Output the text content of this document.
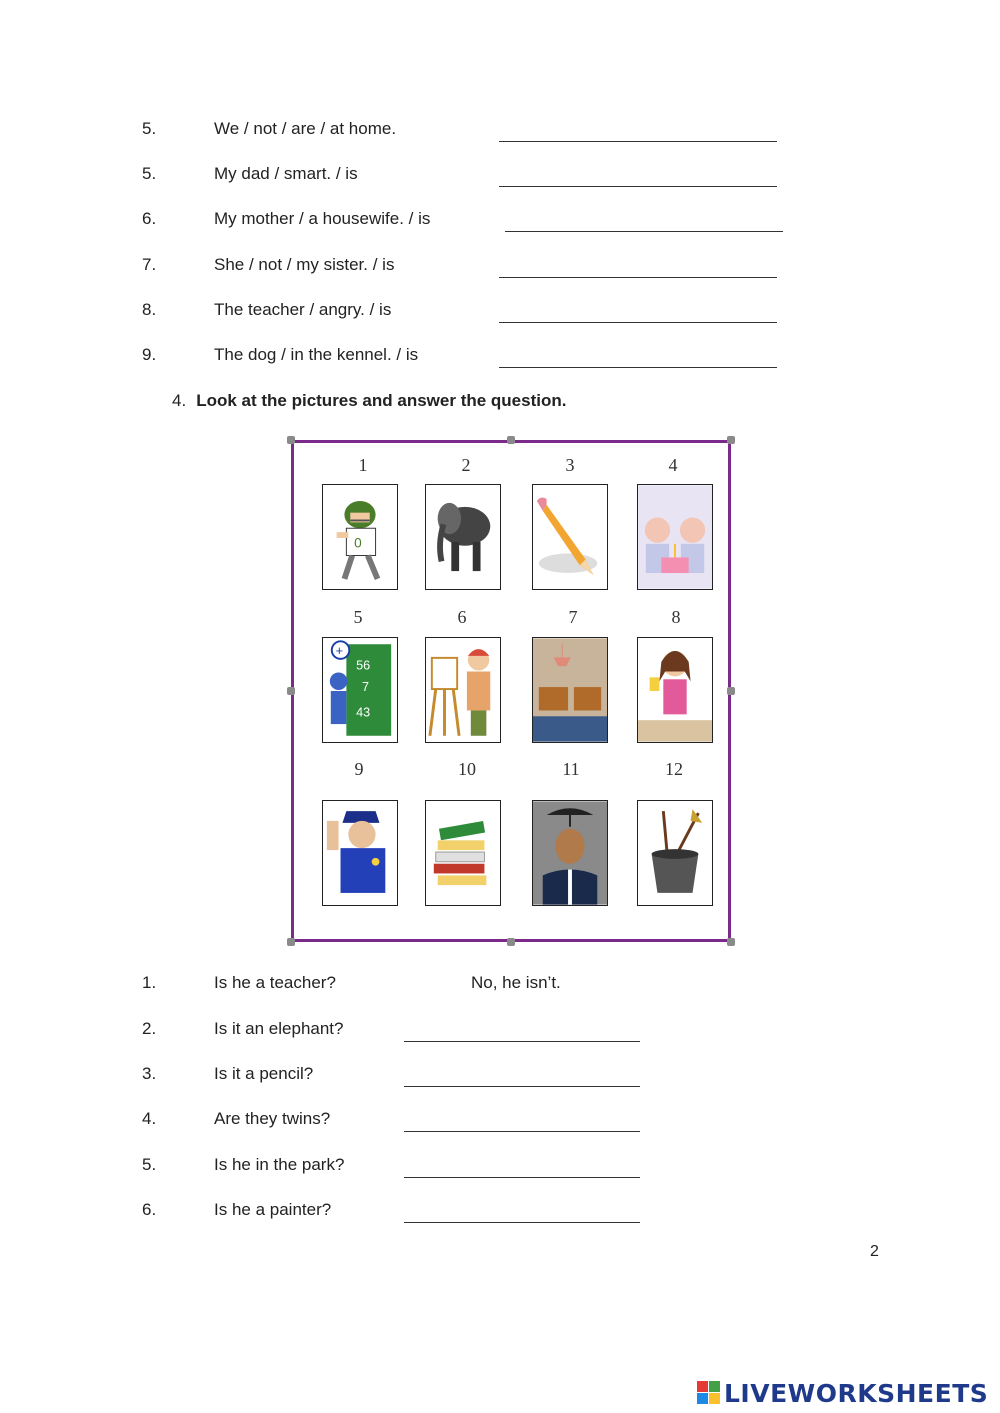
5.	We / not / are / at home.
5.	My dad / smart. / is
6.	My mother / a housewife. / is
7.	She / not / my sister. / is
8.	The teacher / angry. / is
9.	The dog / in the kennel. / is
4. Look at the pictures and answer the question.
1	2	3	4
0
5	6	7	8
56
7
43
+
9	10	11	12
1.	Is he a teacher?	No, he isn’t.
2.	Is it an elephant?
3.	Is it a pencil?
4.	Are they twins?
5.	Is he in the park?
6.	Is he a painter?
2
LIVEWORKSHEETS
